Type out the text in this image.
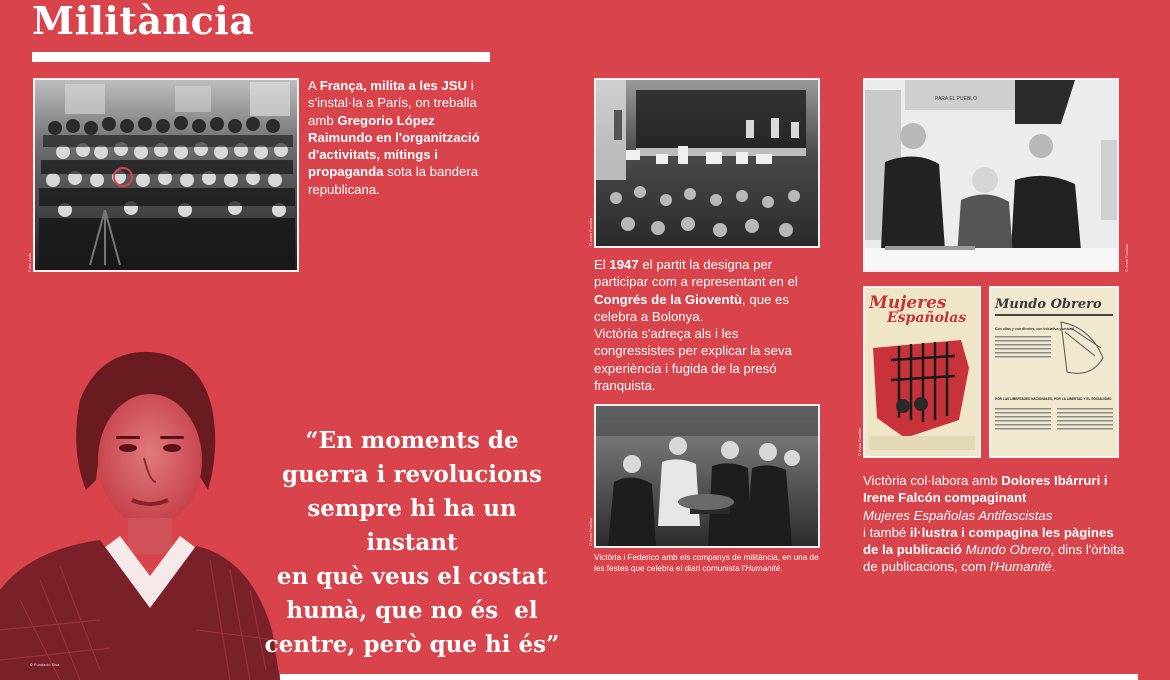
Militància
Foto: Arxiu

A França, milita a les JSU i s'instal·la a París, on treballa amb Gregorio López Raimundo en l'organització d'activitats, mítings i propaganda sota la bandera republicana.

© Arxiu Familiar

El 1947 el partit la designa per participar com a representant en el Congrés de la Gioventù, que es celebra a Bolonya.
Victòria s'adreça als i les congressistes per explicar la seva experiència i fugida de la presó franquista.

© Arxiu Familiar

Victòria i Federico amb els companys de militància, en una de les festes que celebra el diari comunista l'Humanité.

PARA EL PUEBLO
© Arxiu Familiar
Mujeres
Españolas
© Arxiu Familiar
Mundo Obrero
Con uñas y con dientes, con iniciativa y unidad
POR LAS LIBERTADES NACIONALES, POR LA LIBERTAD Y EL SOCIALISMO

Victòria col·labora amb Dolores Ibárruri i Irene Falcón compaginant
Mujeres Españolas Antifascistas
i també il·lustra i compagina les pàgines de la publicació Mundo Obrero, dins l'òrbita de publicacions, com l'Humanité.

© Fundació Sisa
“En moments de
guerra i revolucions
sempre hi ha un instant
en què veus el costat
humà, que no és  el
centre, però que hi és”
